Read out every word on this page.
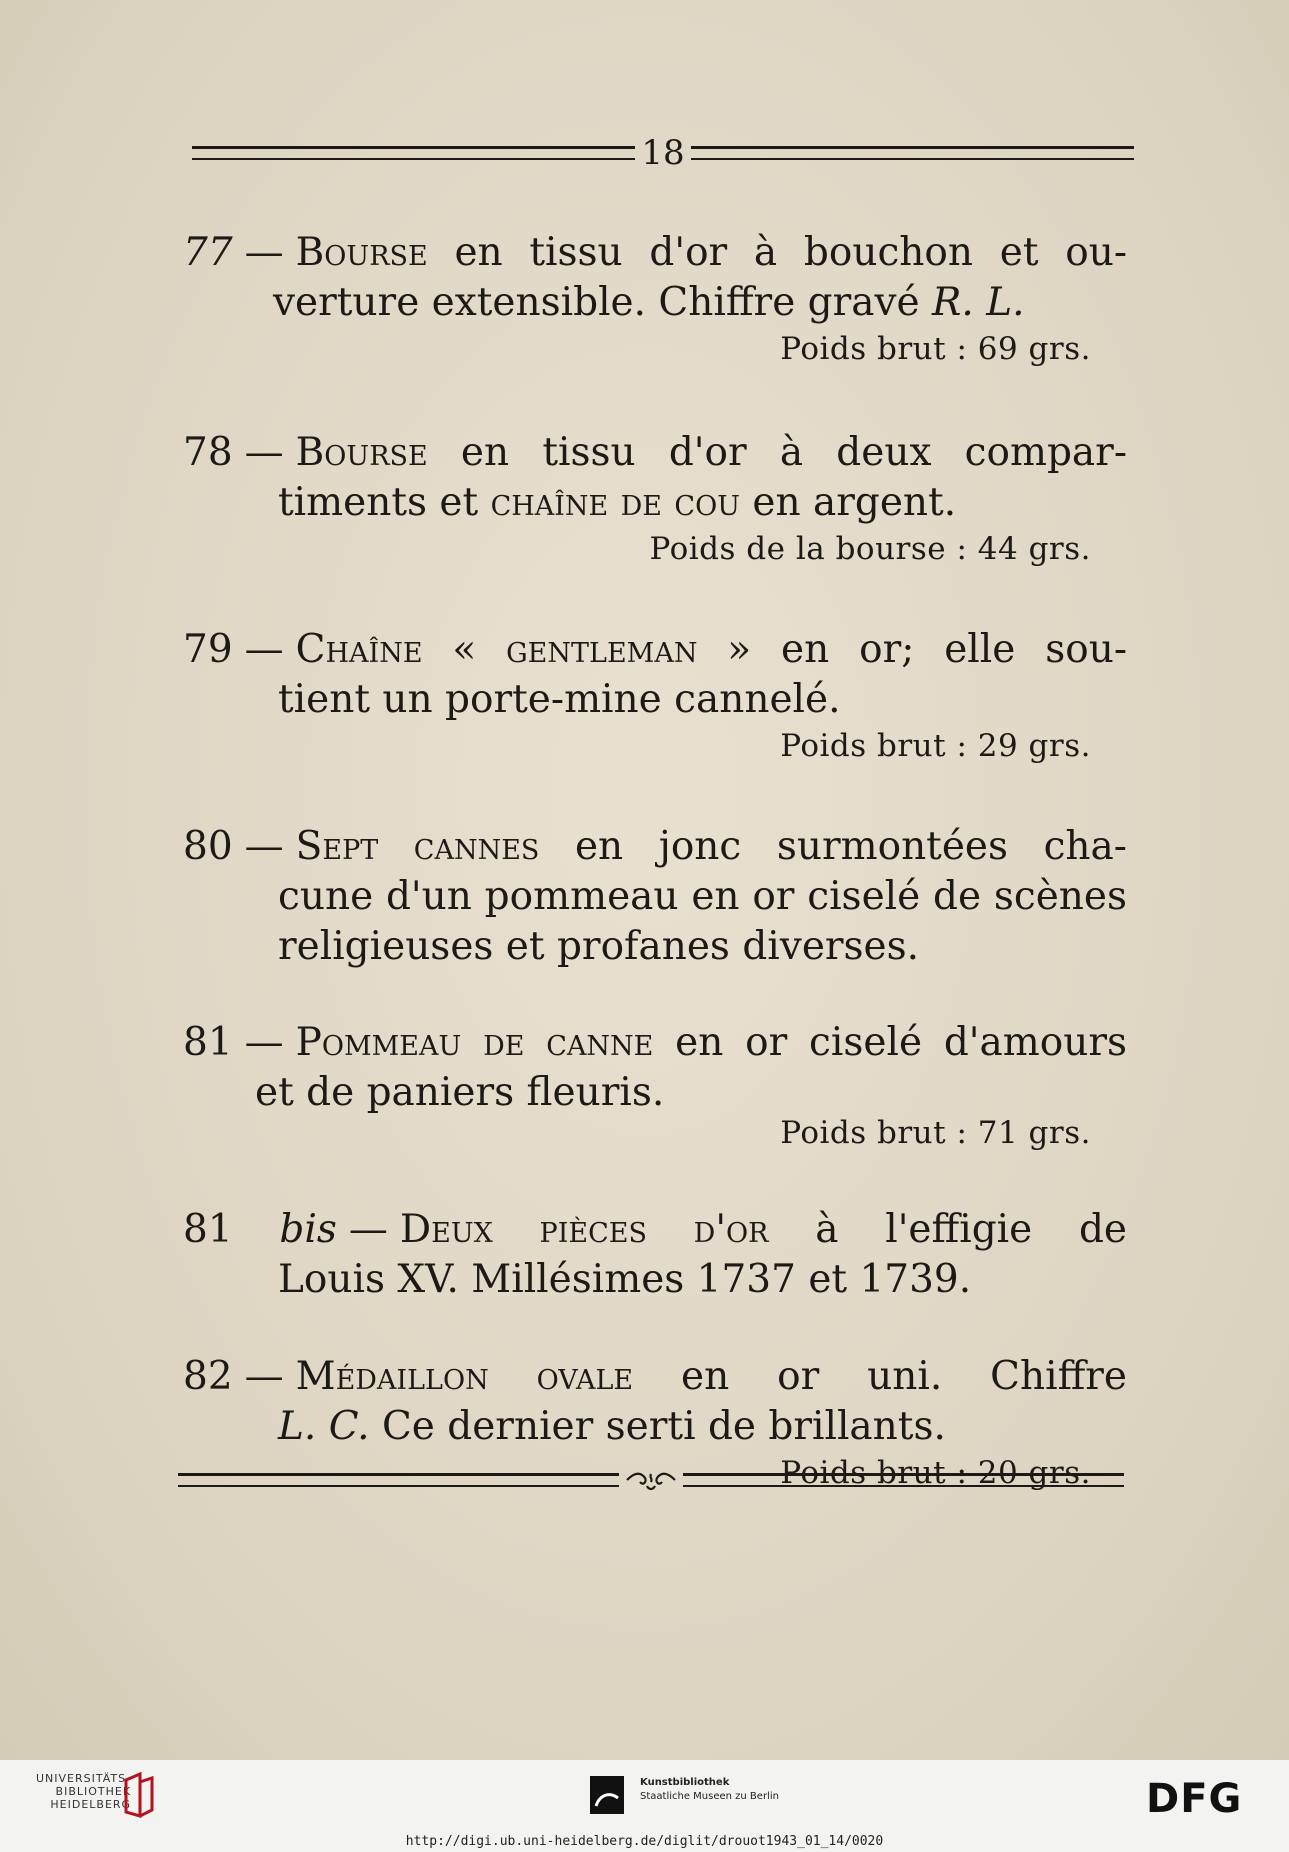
18
77 — Bourse en tissu d'or à bouchon et ou-
verture extensible. Chiffre gravé R. L.
Poids brut : 69 grs.
78 — Bourse en tissu d'or à deux compar-
timents et chaîne de cou en argent.
Poids de la bourse : 44 grs.
79 — Chaîne « gentleman » en or; elle sou-
tient un porte-mine cannelé.
Poids brut : 29 grs.
80 — Sept cannes en jonc surmontées cha-
cune d'un pommeau en or ciselé de scènes
religieuses et profanes diverses.
81 — Pommeau de canne en or ciselé d'amours
et de paniers fleuris.
Poids brut : 71 grs.
81 bis — Deux pièces d'or à l'effigie de
Louis XV. Millésimes 1737 et 1739.
82 — Médaillon ovale en or uni. Chiffre
L. C. Ce dernier serti de brillants.
Poids brut : 20 grs.
UNIVERSITÄTS-
BIBLIOTHEK
HEIDELBERG
Kunstbibliothek
Staatliche Museen zu Berlin	DFG
http://digi.ub.uni-heidelberg.de/diglit/drouot1943_01_14/0020
